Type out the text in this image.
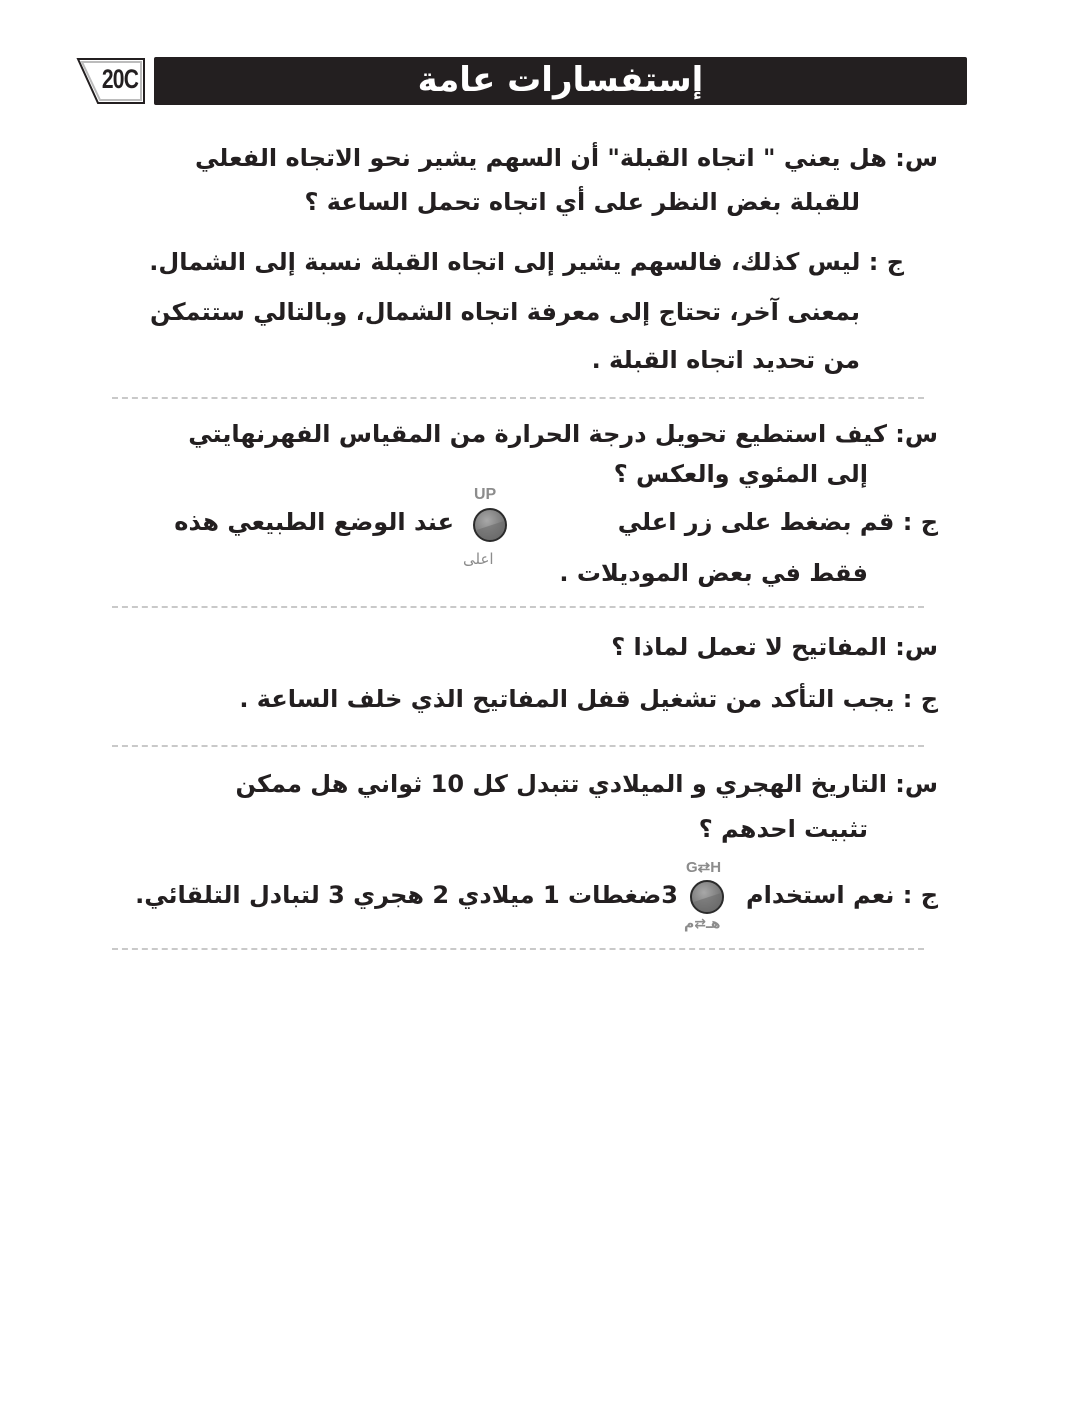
20C	إستفسارات عامة
س: هل يعني " اتجاه القبلة" أن السهم يشير نحو الاتجاه الفعلي
للقبلة بغض النظر على أي اتجاه تحمل الساعة ؟
ج : ليس كذلك، فالسهم يشير إلى اتجاه القبلة نسبة إلى الشمال.
بمعنى آخر، تحتاج إلى معرفة اتجاه الشمال، وبالتالي ستتمكن
من تحديد اتجاه القبلة .
س: كيف استطيع تحويل درجة الحرارة من المقياس الفهرنهايتي
إلى المئوي والعكس ؟
ج : قم بضغط على زر اعلي
UP
اعلى
عند الوضع الطبيعي هذه
فقط في بعض الموديلات .
س: المفاتيح لا تعمل لماذا ؟
ج : يجب التأكد من تشغيل قفل المفاتيح الذي خلف الساعة .
س: التاريخ الهجري و الميلادي تتبدل كل 10 ثواني هل ممكن
تثبيت احدهم ؟
ج : نعم استخدام
G⇄H
هـ⇄م
3ضغطات 1 ميلادي 2 هجري 3 لتبادل التلقائي.
